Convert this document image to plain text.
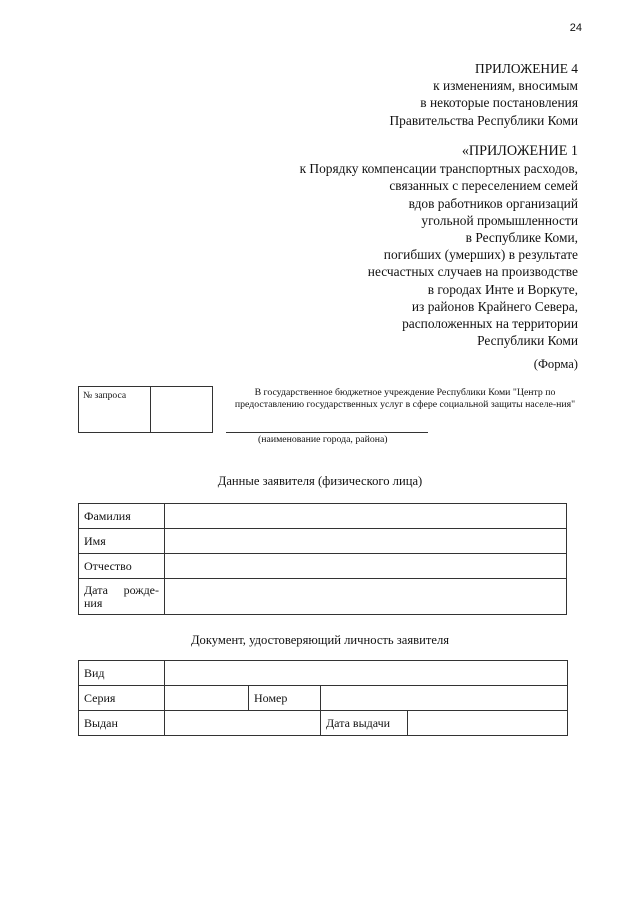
24
ПРИЛОЖЕНИЕ 4
к изменениям, вносимым
в некоторые постановления
Правительства Республики Коми
«ПРИЛОЖЕНИЕ 1
к Порядку компенсации транспортных расходов,
связанных с переселением семей
вдов работников организаций
угольной промышленности
в Республике Коми,
погибших (умерших) в результате
несчастных случаев на производстве
в городах Инте и Воркуте,
из районов Крайнего Севера,
расположенных на территории
Республики Коми
(Форма)
№ запроса	В государственное бюджетное учреждение Республики Коми "Центр по предоставлению государственных услуг в сфере социальной защиты населе-ния"
(наименование города, района)
Данные заявителя (физического лица)
Фамилия	
Имя	
Отчество	

Дата рожде-
ния	

Документ, удостоверяющий личность заявителя
Вид				
Серия		Номер		
Выдан			Дата выдачи	
